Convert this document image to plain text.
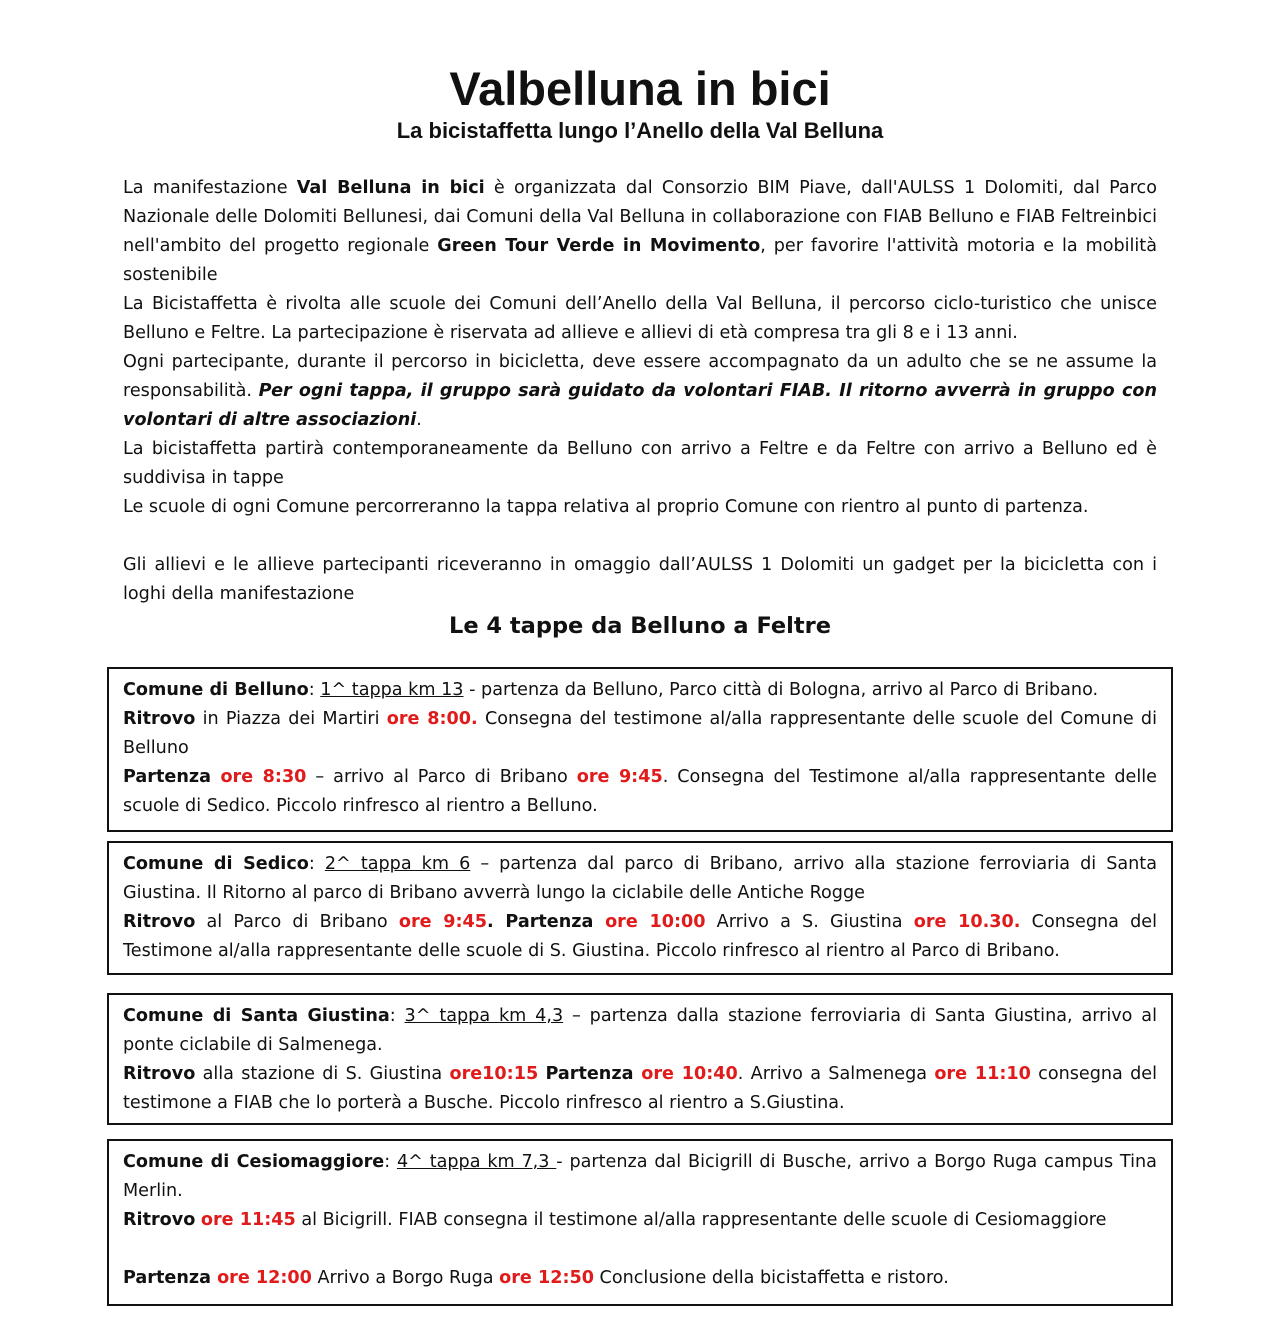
Valbelluna in bici
La bicistaffetta lungo l’Anello della Val Belluna
La manifestazione Val Belluna in bici è organizzata dal Consorzio BIM Piave, dall'AULSS 1 Dolomiti, dal Parco Nazionale delle Dolomiti Bellunesi, dai Comuni della Val Belluna in collaborazione con FIAB Belluno e FIAB Feltreinbici nell'ambito del progetto regionale Green Tour Verde in Movimento, per favorire l'attività motoria e la mobilità sostenibile
La Bicistaffetta è rivolta alle scuole dei Comuni dell’Anello della Val Belluna, il percorso ciclo-turistico che unisce Belluno e Feltre. La partecipazione è riservata ad allieve e allievi di età compresa tra gli 8 e i 13 anni.
Ogni partecipante, durante il percorso in bicicletta, deve essere accompagnato da un adulto che se ne assume la responsabilità. Per ogni tappa, il gruppo sarà guidato da volontari FIAB. Il ritorno avverrà in gruppo con volontari di altre associazioni.
La bicistaffetta partirà contemporaneamente da Belluno con arrivo a Feltre e da Feltre con arrivo a Belluno ed è suddivisa in tappe
Le scuole di ogni Comune percorreranno la tappa relativa al proprio Comune con rientro al punto di partenza.
Gli allievi e le allieve partecipanti riceveranno in omaggio dall’AULSS 1 Dolomiti un gadget per la bicicletta con i loghi della manifestazione
Le 4 tappe da Belluno a Feltre
Comune di Belluno: 1^ tappa km 13 - partenza da Belluno, Parco città di Bologna, arrivo al Parco di Bribano.
Ritrovo in Piazza dei Martiri ore 8:00. Consegna del testimone al/alla rappresentante delle scuole del Comune di Belluno
Partenza ore 8:30 – arrivo al Parco di Bribano ore 9:45. Consegna del Testimone al/alla rappresentante delle scuole di Sedico. Piccolo rinfresco al rientro a Belluno.
Comune di Sedico: 2^ tappa km 6 – partenza dal parco di Bribano, arrivo alla stazione ferroviaria di Santa Giustina. Il Ritorno al parco di Bribano avverrà lungo la ciclabile delle Antiche Rogge
Ritrovo al Parco di Bribano ore 9:45. Partenza ore 10:00 Arrivo a S. Giustina ore 10.30. Consegna del Testimone al/alla rappresentante delle scuole di S. Giustina. Piccolo rinfresco al rientro al Parco di Bribano.
Comune di Santa Giustina: 3^ tappa km 4,3 – partenza dalla stazione ferroviaria di Santa Giustina, arrivo al ponte ciclabile di Salmenega.
Ritrovo alla stazione di S. Giustina ore10:15 Partenza ore 10:40. Arrivo a Salmenega ore 11:10 consegna del testimone a FIAB che lo porterà a Busche. Piccolo rinfresco al rientro a S.Giustina.
Comune di Cesiomaggiore: 4^ tappa km 7,3 - partenza dal Bicigrill di Busche, arrivo a Borgo Ruga campus Tina Merlin.
Ritrovo ore 11:45 al Bicigrill. FIAB consegna il testimone al/alla rappresentante delle scuole di Cesiomaggiore
Partenza ore 12:00 Arrivo a Borgo Ruga ore 12:50 Conclusione della bicistaffetta e ristoro.
